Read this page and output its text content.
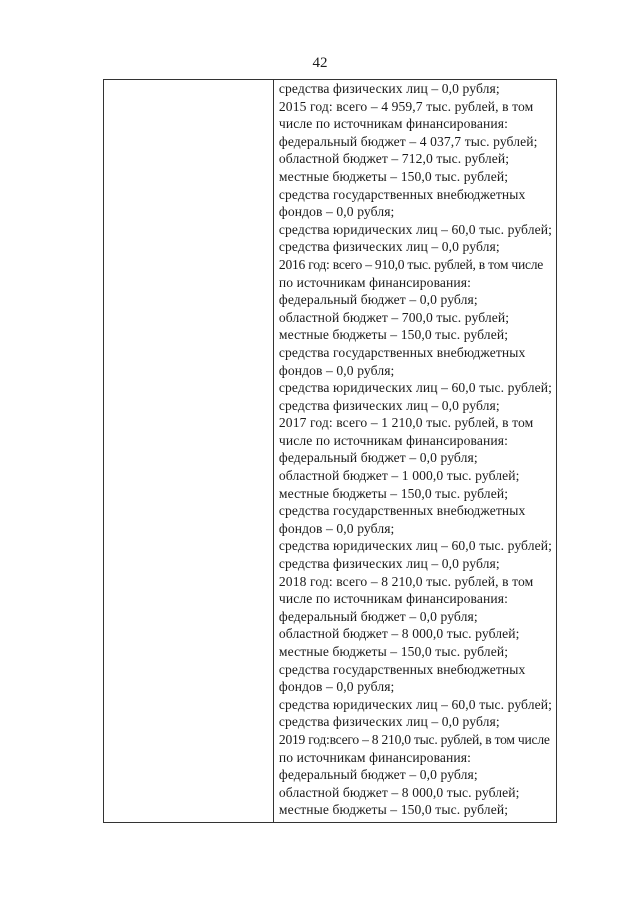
42
средства физических лиц – 0,0 рубля;
2015 год: всего – 4 959,7 тыс. рублей, в том
числе по источникам финансирования:
федеральный бюджет – 4 037,7 тыс. рублей;
областной бюджет – 712,0 тыс. рублей;
местные бюджеты – 150,0 тыс. рублей;
средства государственных внебюджетных
фондов – 0,0 рубля;
средства юридических лиц – 60,0 тыс. рублей;
средства физических лиц – 0,0 рубля;
2016 год: всего – 910,0 тыс. рублей, в том числе
по источникам финансирования:
федеральный бюджет – 0,0 рубля;
областной бюджет – 700,0 тыс. рублей;
местные бюджеты – 150,0 тыс. рублей;
средства государственных внебюджетных
фондов – 0,0 рубля;
средства юридических лиц – 60,0 тыс. рублей;
средства физических лиц – 0,0 рубля;
2017 год: всего – 1 210,0 тыс. рублей, в том
числе по источникам финансирования:
федеральный бюджет – 0,0 рубля;
областной бюджет – 1 000,0 тыс. рублей;
местные бюджеты – 150,0 тыс. рублей;
средства государственных внебюджетных
фондов – 0,0 рубля;
средства юридических лиц – 60,0 тыс. рублей;
средства физических лиц – 0,0 рубля;
2018 год: всего – 8 210,0 тыс. рублей, в том
числе по источникам финансирования:
федеральный бюджет – 0,0 рубля;
областной бюджет – 8 000,0 тыс. рублей;
местные бюджеты – 150,0 тыс. рублей;
средства государственных внебюджетных
фондов – 0,0 рубля;
средства юридических лиц – 60,0 тыс. рублей;
средства физических лиц – 0,0 рубля;
2019 год:всего – 8 210,0 тыс. рублей, в том числе
по источникам финансирования:
федеральный бюджет – 0,0 рубля;
областной бюджет – 8 000,0 тыс. рублей;
местные бюджеты – 150,0 тыс. рублей;
